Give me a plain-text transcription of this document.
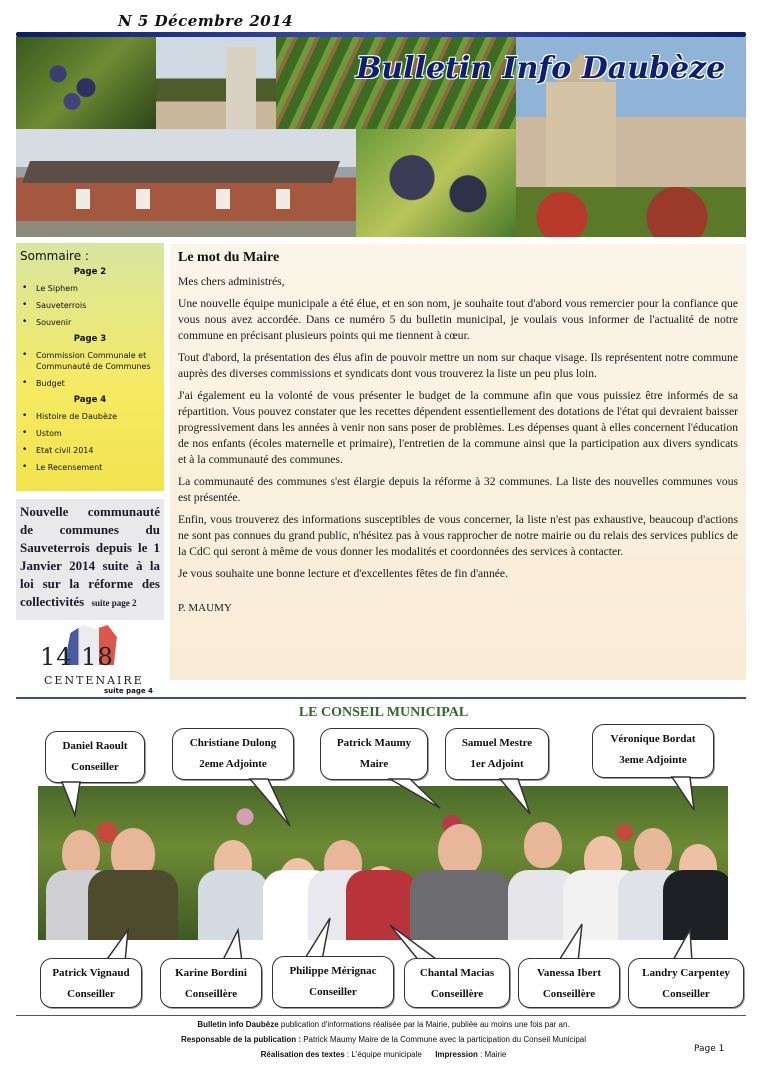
N 5 Décembre 2014
Bulletin Info Daubèze
Sommaire :
Page 2
• Le Siphem
• Sauveterrois
• Souvenir
Page 3
• Commission Communale et Communauté de Communes
• Budget
Page 4
• Histoire de Daubèze
• Ustom
• Etat civil 2014
• Le Recensement
Nouvelle communauté de communes du Sauveterrois depuis le 1 Janvier 2014 suite à la loi sur la réforme des collectivités suite page 2
14 18
CENTENAIRE
suite page 4
Le mot du Maire

Mes chers administrés,

Une nouvelle équipe municipale a été élue, et en son nom, je souhaite tout d'abord vous remercier pour la confiance que vous nous avez accordée. Dans ce numéro 5 du bulletin municipal, je voulais vous informer de l'actualité de notre commune en précisant plusieurs points qui me tiennent à cœur.

Tout d'abord, la présentation des élus afin de pouvoir mettre un nom sur chaque visage. Ils représentent notre commune auprès des diverses commissions et syndicats dont vous trouverez la liste un peu plus loin.

J'ai également eu la volonté de vous présenter le budget de la commune afin que vous puissiez être informés de sa répartition. Vous pouvez constater que les recettes dépendent essentiellement des dotations de l'état qui devraient baisser progressivement dans les années à venir non sans poser de problèmes. Les dépenses quant à elles concernent l'éducation de nos enfants (écoles maternelle et primaire), l'entretien de la commune ainsi que la participation aux divers syndicats et à la communauté des communes.

La communauté des communes s'est élargie depuis la réforme à 32 communes. La liste des nouvelles communes vous est présentée.

Enfin, vous trouverez des informations susceptibles de vous concerner, la liste n'est pas exhaustive, beaucoup d'actions ne sont pas connues du grand public, n'hésitez pas à vous rapprocher de notre mairie ou du relais des services publics de la CdC qui seront à même de vous donner les modalités et coordonnées des services à contacter.

Je vous souhaite une bonne lecture et d'excellentes fêtes de fin d'année.

P. MAUMY

LE CONSEIL MUNICIPAL
Daniel Raoult
Conseiller
Christiane Dulong
2eme Adjointe
Patrick Maumy
Maire
Samuel Mestre
1er Adjoint
Véronique Bordat
3eme Adjointe
Patrick Vignaud
Conseiller
Karine Bordini
Conseillère
Philippe Mérignac
Conseiller
Chantal Macias
Conseillère
Vanessa Ibert
Conseillère
Landry Carpentey
Conseiller
Bulletin info Daubèze publication d'informations réalisée par la Mairie, publiée au moins une fois par an.
Responsable de la publication : Patrick Maumy Maire de la Commune avec la participation du Conseil Municipal
Réalisation des textes : L'équipe municipale Impression : Mairie
Page 1
